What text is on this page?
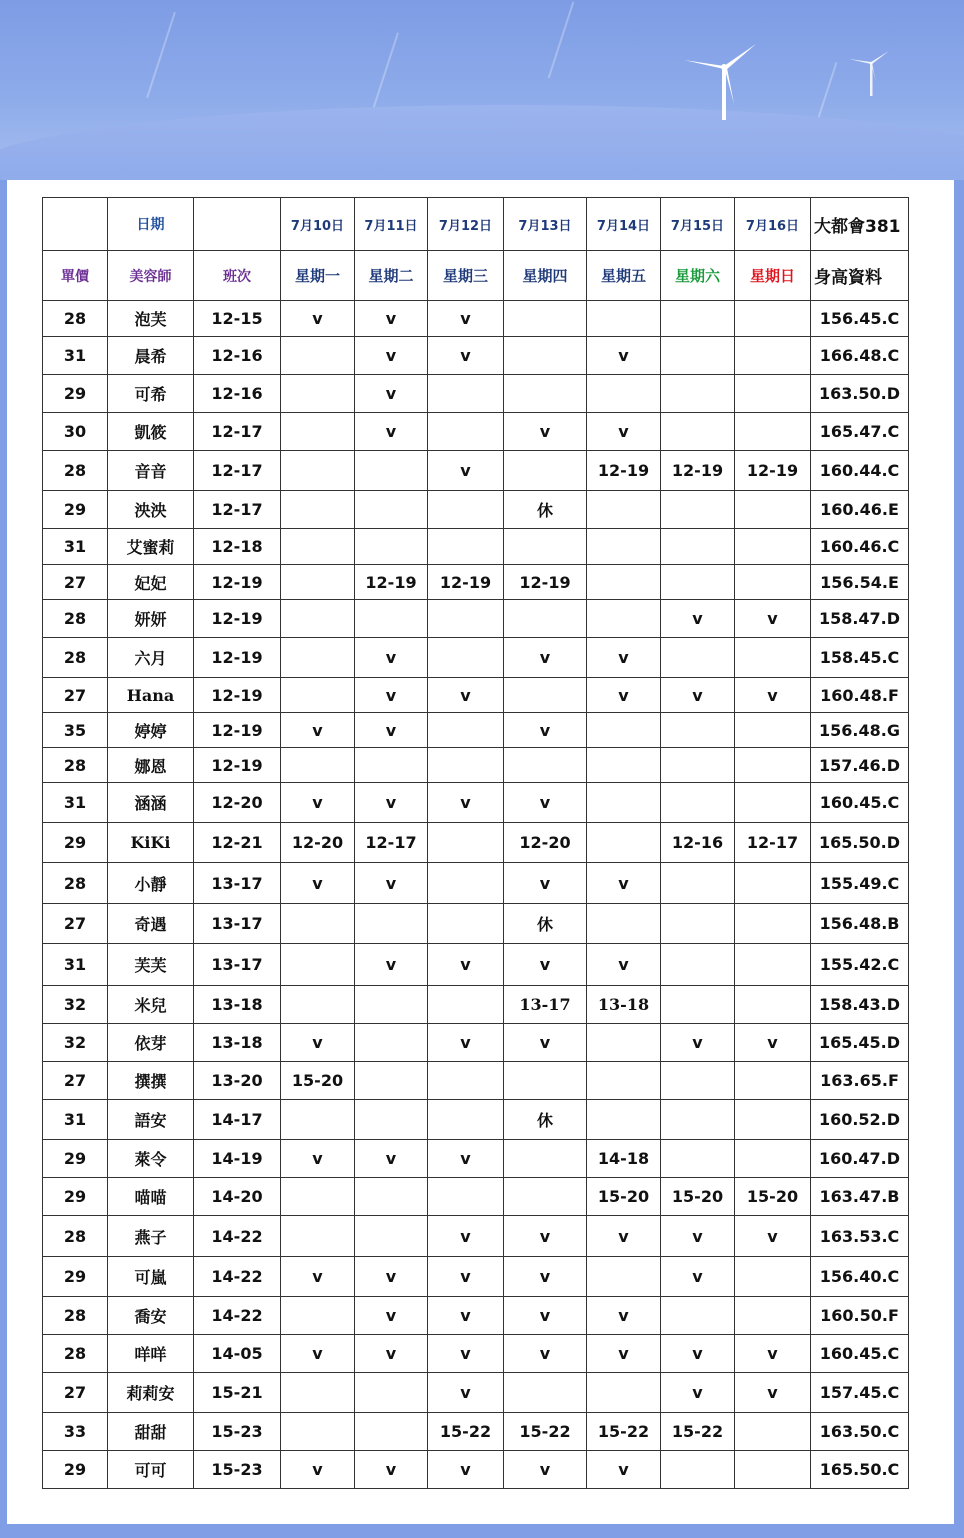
	日期		7月10日	7月11日	7月12日	7月13日	7月14日	7月15日	7月16日	大都會381
單價	美容師	班次	星期一	星期二	星期三	星期四	星期五	星期六	星期日	身高資料
28	泡芙	12-15	v	v	v					156.45.C
31	晨希	12-16		v	v		v			166.48.C
29	可希	12-16		v						163.50.D
30	凱筱	12-17		v		v	v			165.47.C
28	音音	12-17			v		12-19	12-19	12-19	160.44.C
29	泱泱	12-17				休				160.46.E
31	艾蜜莉	12-18								160.46.C
27	妃妃	12-19		12-19	12-19	12-19				156.54.E
28	妍妍	12-19						v	v	158.47.D
28	六月	12-19		v		v	v			158.45.C
27	Hana	12-19		v	v		v	v	v	160.48.F
35	婷婷	12-19	v	v		v				156.48.G
28	娜恩	12-19								157.46.D
31	涵涵	12-20	v	v	v	v				160.45.C
29	KiKi	12-21	12-20	12-17		12-20		12-16	12-17	165.50.D
28	小靜	13-17	v	v		v	v			155.49.C
27	奇遇	13-17				休				156.48.B
31	芙芙	13-17		v	v	v	v			155.42.C
32	米兒	13-18				13-17	13-18			158.43.D
32	依芽	13-18	v		v	v		v	v	165.45.D
27	撰撰	13-20	15-20							163.65.F
31	語安	14-17				休				160.52.D
29	萊令	14-19	v	v	v		14-18			160.47.D
29	喵喵	14-20					15-20	15-20	15-20	163.47.B
28	燕子	14-22			v	v	v	v	v	163.53.C
29	可嵐	14-22	v	v	v	v		v		156.40.C
28	喬安	14-22		v	v	v	v			160.50.F
28	咩咩	14-05	v	v	v	v	v	v	v	160.45.C
27	莉莉安	15-21			v			v	v	157.45.C
33	甜甜	15-23			15-22	15-22	15-22	15-22		163.50.C
29	可可	15-23	v	v	v	v	v			165.50.C
